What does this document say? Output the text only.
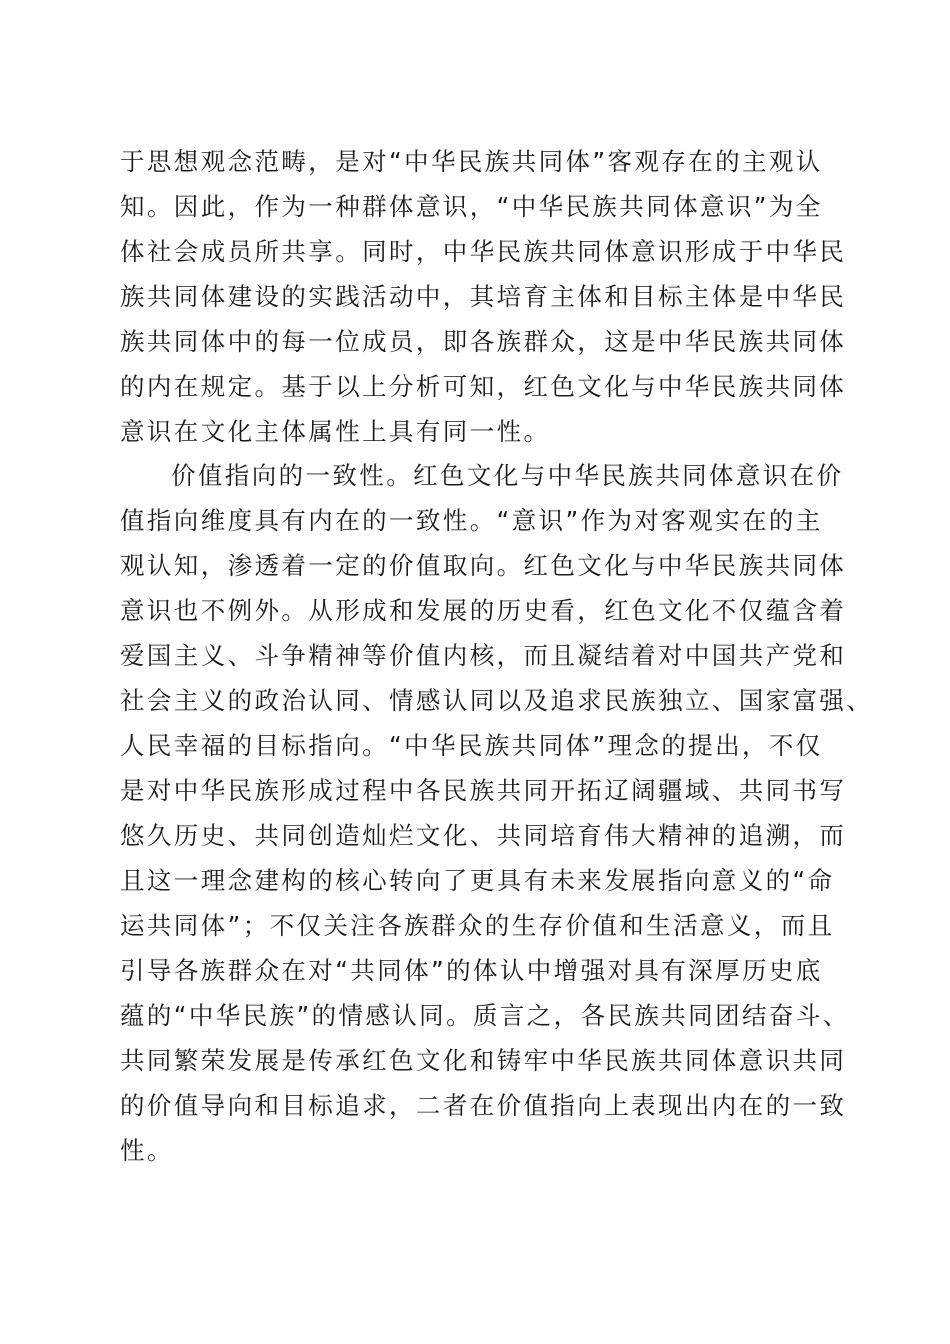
于思想观念范畴，是对“中华民族共同体”客观存在的主观认
知。因此，作为一种群体意识，“中华民族共同体意识”为全
体社会成员所共享。同时，中华民族共同体意识形成于中华民
族共同体建设的实践活动中，其培育主体和目标主体是中华民
族共同体中的每一位成员，即各族群众，这是中华民族共同体
的内在规定。基于以上分析可知，红色文化与中华民族共同体
意识在文化主体属性上具有同一性。
价值指向的一致性。红色文化与中华民族共同体意识在价
值指向维度具有内在的一致性。“意识”作为对客观实在的主
观认知，渗透着一定的价值取向。红色文化与中华民族共同体
意识也不例外。从形成和发展的历史看，红色文化不仅蕴含着
爱国主义、斗争精神等价值内核，而且凝结着对中国共产党和
社会主义的政治认同、情感认同以及追求民族独立、国家富强、
人民幸福的目标指向。“中华民族共同体”理念的提出，不仅
是对中华民族形成过程中各民族共同开拓辽阔疆域、共同书写
悠久历史、共同创造灿烂文化、共同培育伟大精神的追溯，而
且这一理念建构的核心转向了更具有未来发展指向意义的“命
运共同体”；不仅关注各族群众的生存价值和生活意义，而且
引导各族群众在对“共同体”的体认中增强对具有深厚历史底
蕴的“中华民族”的情感认同。质言之，各民族共同团结奋斗、
共同繁荣发展是传承红色文化和铸牢中华民族共同体意识共同
的价值导向和目标追求，二者在价值指向上表现出内在的一致
性。
